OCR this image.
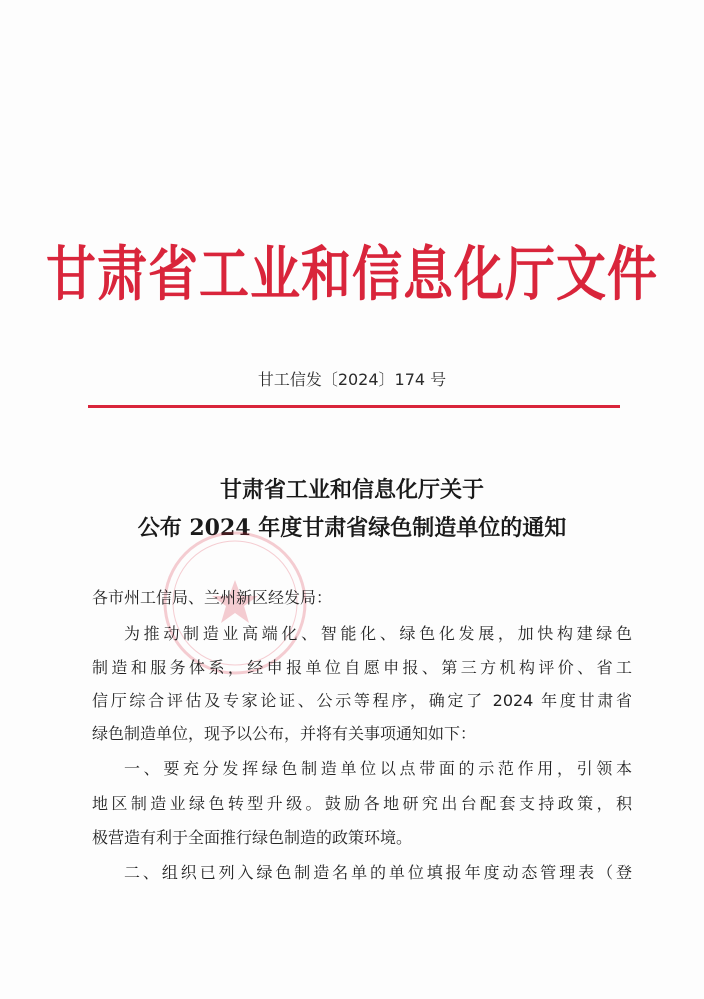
甘肃省工业和信息化厅文件
甘工信发〔2024〕174 号
甘肃省工业和信息化厅关于
公布 2024 年度甘肃省绿色制造单位的通知
各市州工信局、兰州新区经发局：
为推动制造业高端化、智能化、绿色化发展，加快构建绿色
制造和服务体系，经申报单位自愿申报、第三方机构评价、省工
信厅综合评估及专家论证、公示等程序，确定了 2024 年度甘肃省
绿色制造单位，现予以公布，并将有关事项通知如下：
一、要充分发挥绿色制造单位以点带面的示范作用，引领本
地区制造业绿色转型升级。鼓励各地研究出台配套支持政策，积
极营造有利于全面推行绿色制造的政策环境。
二、组织已列入绿色制造名单的单位填报年度动态管理表（登
